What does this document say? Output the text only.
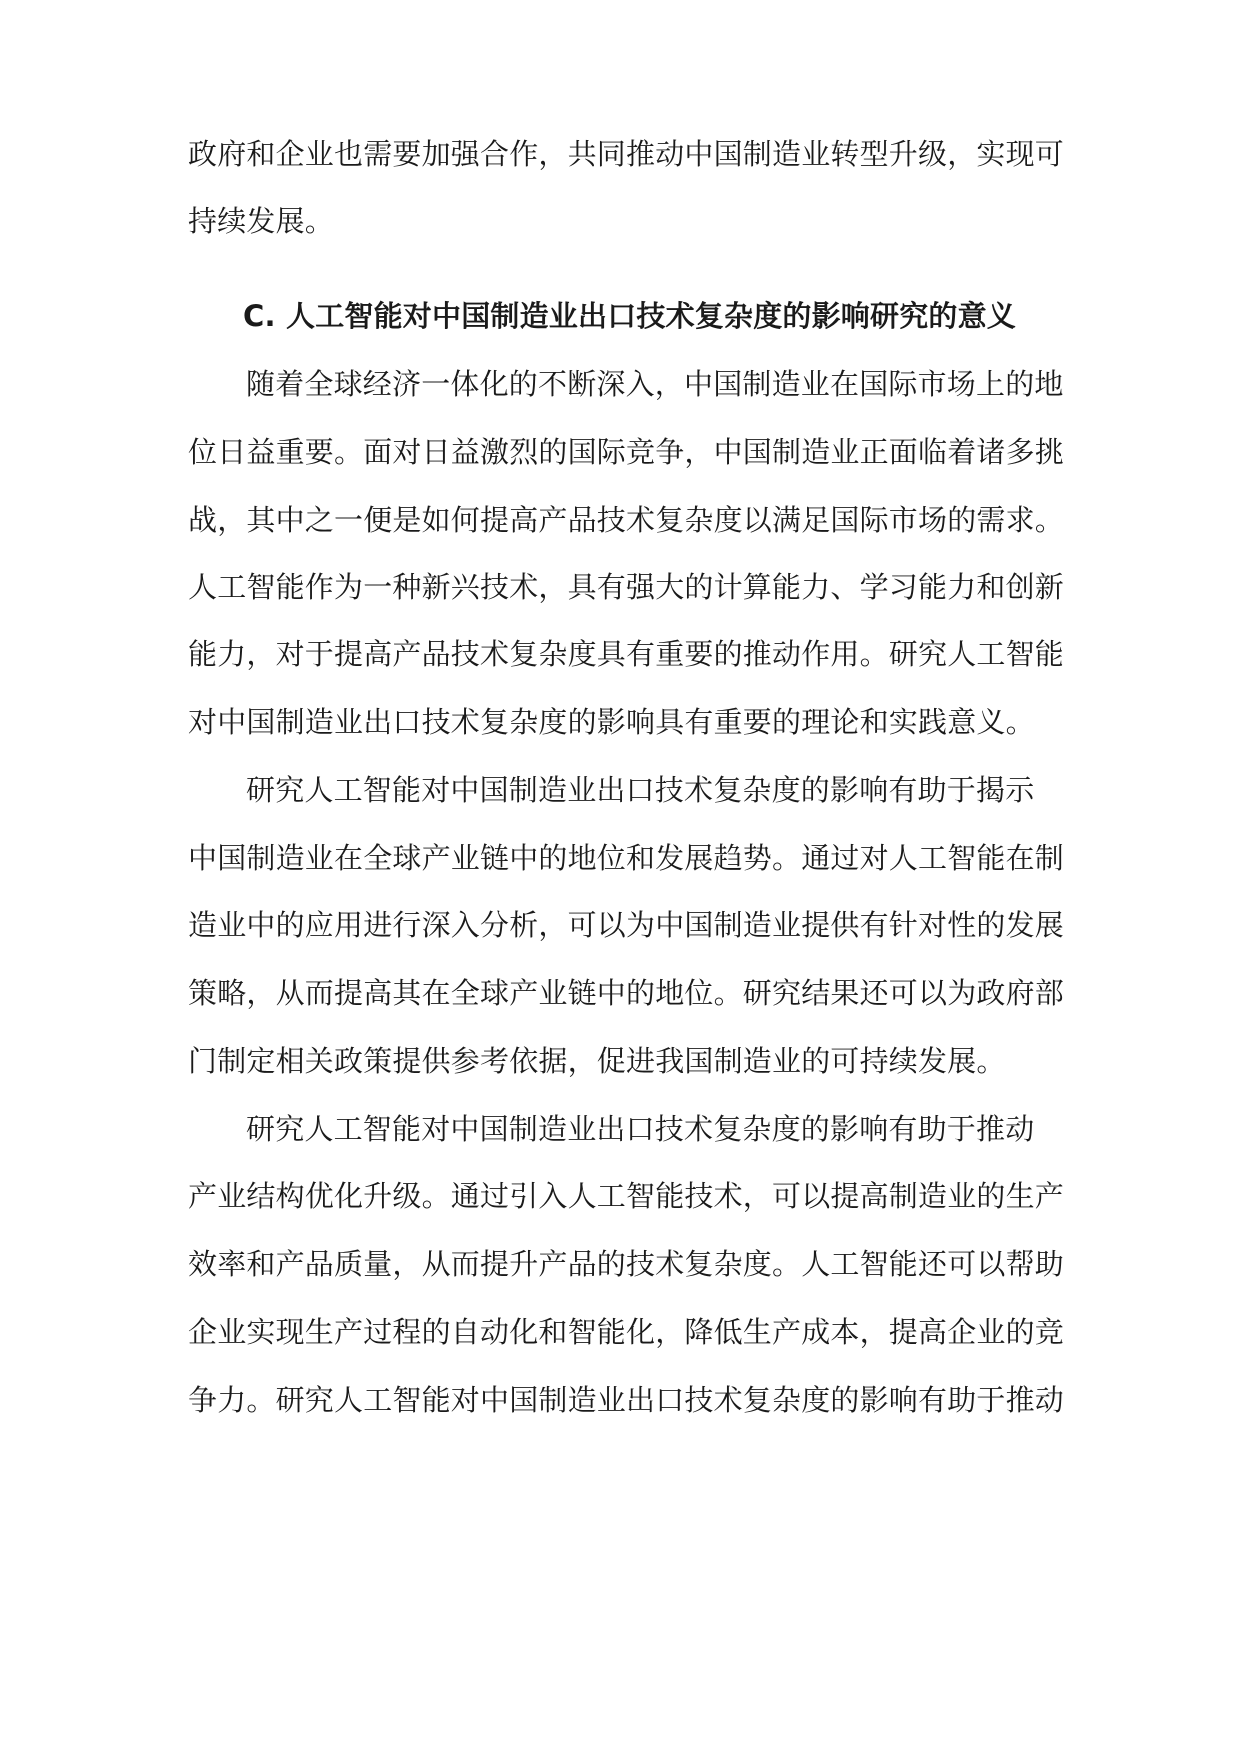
政府和企业也需要加强合作，共同推动中国制造业转型升级，实现可
持续发展。
C. 人工智能对中国制造业出口技术复杂度的影响研究的意义
随着全球经济一体化的不断深入，中国制造业在国际市场上的地
位日益重要。面对日益激烈的国际竞争，中国制造业正面临着诸多挑
战，其中之一便是如何提高产品技术复杂度以满足国际市场的需求。
人工智能作为一种新兴技术，具有强大的计算能力、学习能力和创新
能力，对于提高产品技术复杂度具有重要的推动作用。研究人工智能
对中国制造业出口技术复杂度的影响具有重要的理论和实践意义。
研究人工智能对中国制造业出口技术复杂度的影响有助于揭示
中国制造业在全球产业链中的地位和发展趋势。通过对人工智能在制
造业中的应用进行深入分析，可以为中国制造业提供有针对性的发展
策略，从而提高其在全球产业链中的地位。研究结果还可以为政府部
门制定相关政策提供参考依据，促进我国制造业的可持续发展。
研究人工智能对中国制造业出口技术复杂度的影响有助于推动
产业结构优化升级。通过引入人工智能技术，可以提高制造业的生产
效率和产品质量，从而提升产品的技术复杂度。人工智能还可以帮助
企业实现生产过程的自动化和智能化，降低生产成本，提高企业的竞
争力。研究人工智能对中国制造业出口技术复杂度的影响有助于推动
